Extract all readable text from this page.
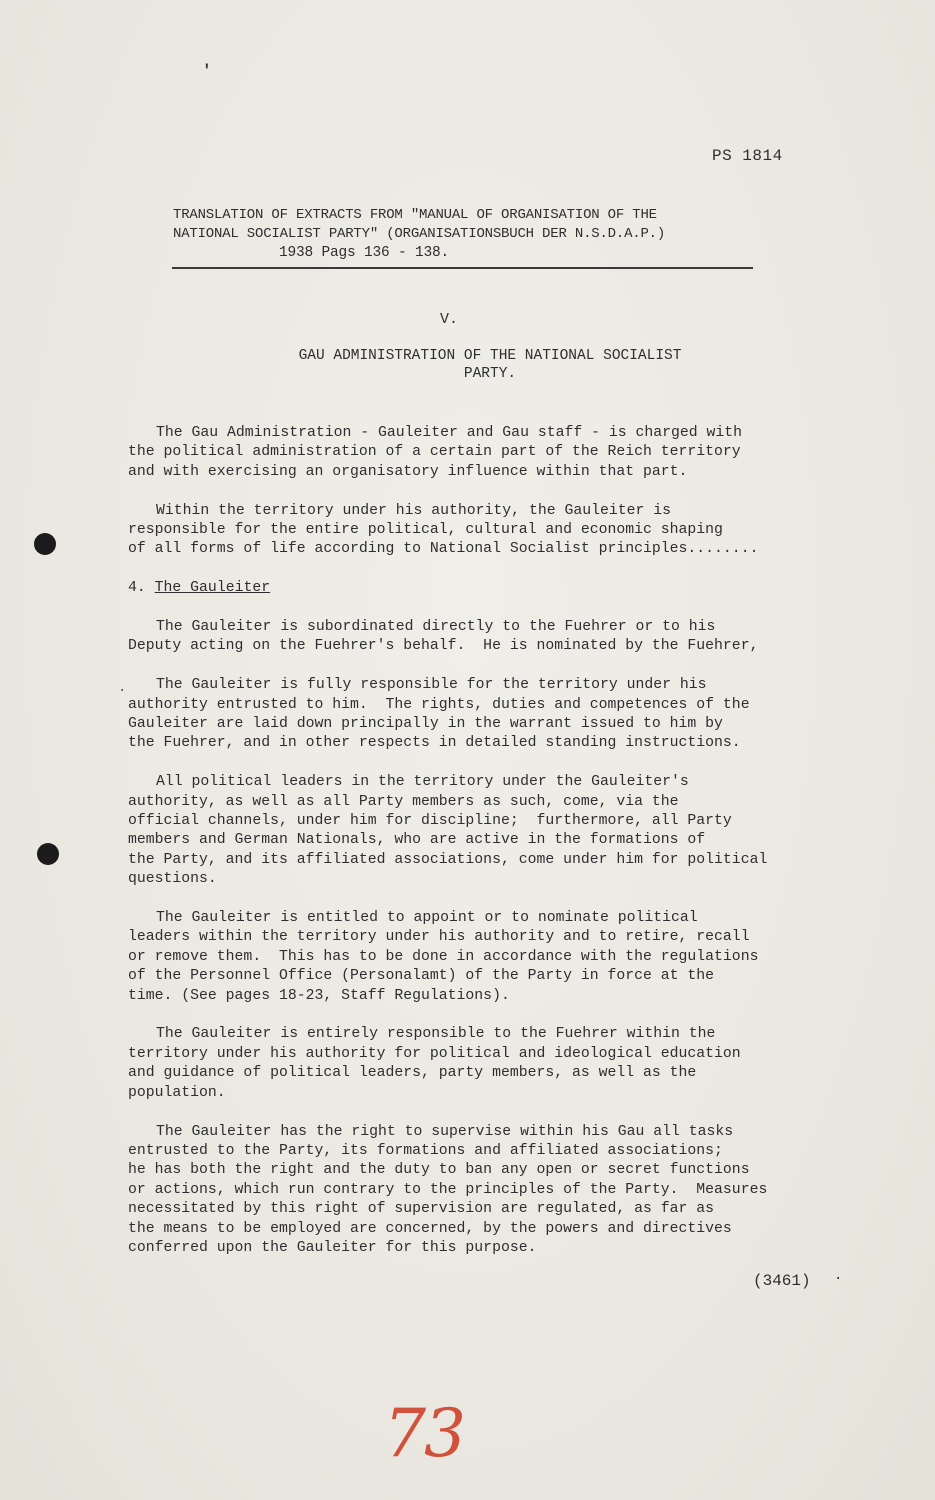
ʹ
PS 1814
TRANSLATION OF EXTRACTS FROM "MANUAL OF ORGANISATION OF THE
NATIONAL SOCIALIST PARTY" (ORGANISATIONSBUCH DER N.S.D.A.P.)
1938 Pags 136 - 138.
V.
GAU ADMINISTRATION OF THE NATIONAL SOCIALIST
PARTY.
.

The Gau Administration - Gauleiter and Gau staff - is charged with
the political administration of a certain part of the Reich territory
and with exercising an organisatory influence within that part.

Within the territory under his authority, the Gauleiter is
responsible for the entire political, cultural and economic shaping
of all forms of life according to National Socialist principles........

4. The Gauleiter

The Gauleiter is subordinated directly to the Fuehrer or to his
Deputy acting on the Fuehrer's behalf.  He is nominated by the Fuehrer,

The Gauleiter is fully responsible for the territory under his
authority entrusted to him.  The rights, duties and competences of the
Gauleiter are laid down principally in the warrant issued to him by
the Fuehrer, and in other respects in detailed standing instructions.

All political leaders in the territory under the Gauleiter's
authority, as well as all Party members as such, come, via the
official channels, under him for discipline;  furthermore, all Party
members and German Nationals, who are active in the formations of
the Party, and its affiliated associations, come under him for political
questions.

The Gauleiter is entitled to appoint or to nominate political
leaders within the territory under his authority and to retire, recall
or remove them.  This has to be done in accordance with the regulations
of the Personnel Office (Personalamt) of the Party in force at the
time. (See pages 18-23, Staff Regulations).

The Gauleiter is entirely responsible to the Fuehrer within the
territory under his authority for political and ideological education
and guidance of political leaders, party members, as well as the
population.

The Gauleiter has the right to supervise within his Gau all tasks
entrusted to the Party, its formations and affiliated associations;
he has both the right and the duty to ban any open or secret functions
or actions, which run contrary to the principles of the Party.  Measures
necessitated by this right of supervision are regulated, as far as
the means to be employed are concerned, by the powers and directives
conferred upon the Gauleiter for this purpose.

(3461) ·
73
